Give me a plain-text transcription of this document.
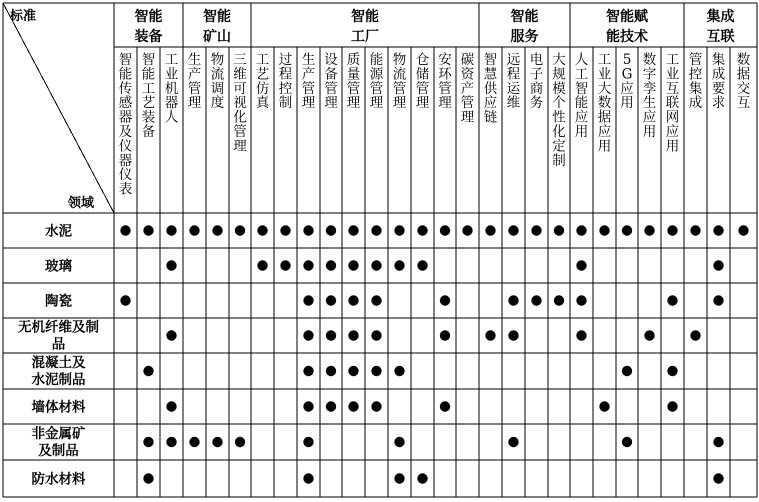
标准
领域
智能装备
智能矿山
智能工厂
智能服务
智能赋能技术
集成互联
智能传感器及仪器仪表
智能工艺装备
工业机器人
生产管理
物流调度
三维可视化管理
工艺仿真
过程控制
生产管理
设备管理
质量管理
能源管理
物流管理
仓储管理
安环管理
碳资产管理
智慧供应链
远程运维
电子商务
大规模个性化定制
人工智能应用
工业大数据应用
5 G 应用
数字孪生应用
工业互联网应用
管控集成
集成要求
数据交互
水泥
玻璃
陶瓷
无机纤维及制品
混凝土及水泥制品
墙体材料
非金属矿及制品
防水材料
